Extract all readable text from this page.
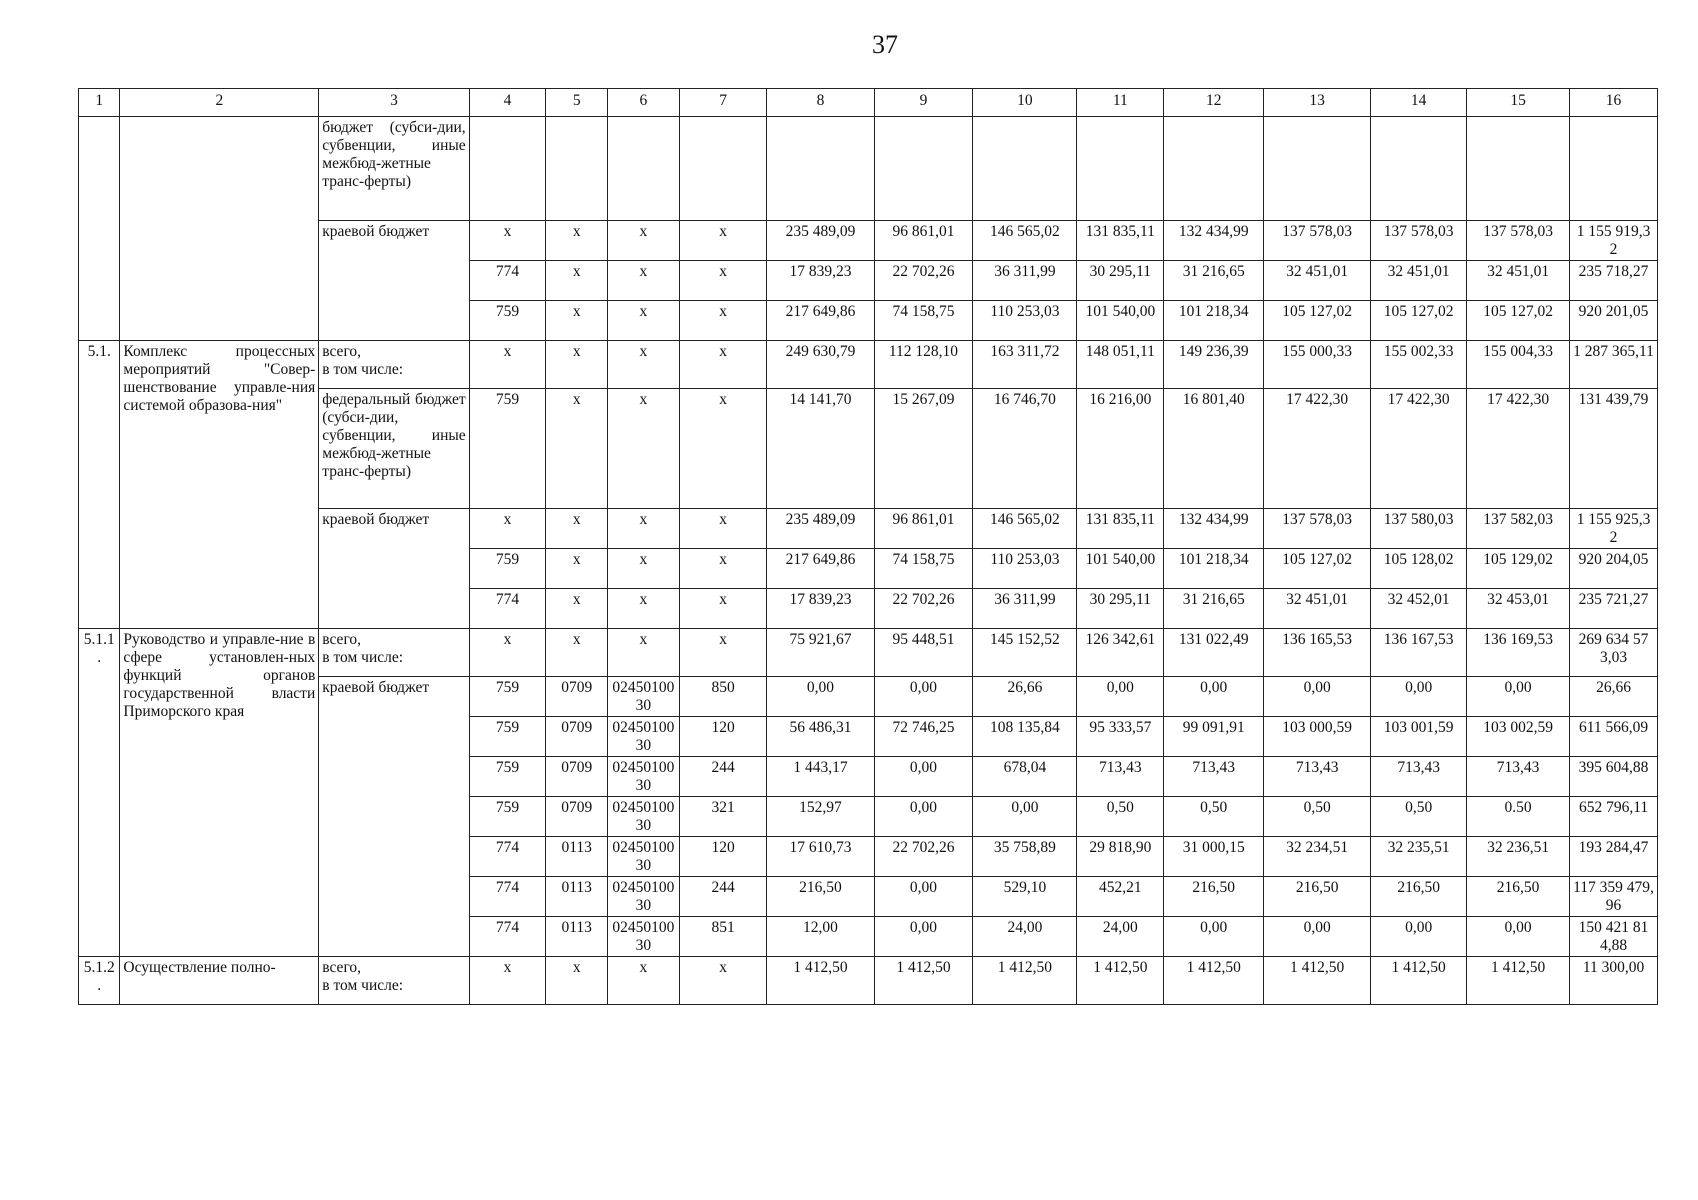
37
1	2	3	4	5	6	7	8	9	10	11	12	13	14	15	16
		бюджет (субси-дии, субвенции, иные межбюд-жетные транс-ферты)													
		краевой бюджет	х	х	х	х	235 489,09	96 861,01	146 565,02	131 835,11	132 434,99	137 578,03	137 578,03	137 578,03	1 155 919,32
			774	х	х	х	17 839,23	22 702,26	36 311,99	30 295,11	31 216,65	32 451,01	32 451,01	32 451,01	235 718,27
			759	х	х	х	217 649,86	74 158,75	110 253,03	101 540,00	101 218,34	105 127,02	105 127,02	105 127,02	920 201,05
5.1.	Комплекс процессных мероприятий "Совер-шенствование управле-ния системой образова-ния"	всего,
в том числе:	х	х	х	х	249 630,79	112 128,10	163 311,72	148 051,11	149 236,39	155 000,33	155 002,33	155 004,33	1 287 365,11
		федеральный бюджет (субси-дии, субвенции, иные межбюд-жетные транс-ферты)	759	х	х	х	14 141,70	15 267,09	16 746,70	16 216,00	16 801,40	17 422,30	17 422,30	17 422,30	131 439,79
		краевой бюджет	х	х	х	х	235 489,09	96 861,01	146 565,02	131 835,11	132 434,99	137 578,03	137 580,03	137 582,03	1 155 925,32
			759	х	х	х	217 649,86	74 158,75	110 253,03	101 540,00	101 218,34	105 127,02	105 128,02	105 129,02	920 204,05
			774	х	х	х	17 839,23	22 702,26	36 311,99	30 295,11	31 216,65	32 451,01	32 452,01	32 453,01	235 721,27
5.1.1.	Руководство и управле-ние в сфере установлен-ных функций органов государственной власти Приморского края	всего,
в том числе:	х	х	х	х	75 921,67	95 448,51	145 152,52	126 342,61	131 022,49	136 165,53	136 167,53	136 169,53	269 634 573,03
		краевой бюджет	759	0709	0245010030	850	0,00	0,00	26,66	0,00	0,00	0,00	0,00	0,00	26,66
			759	0709	0245010030	120	56 486,31	72 746,25	108 135,84	95 333,57	99 091,91	103 000,59	103 001,59	103 002,59	611 566,09
			759	0709	0245010030	244	1 443,17	0,00	678,04	713,43	713,43	713,43	713,43	713,43	395 604,88
			759	0709	0245010030	321	152,97	0,00	0,00	0,50	0,50	0,50	0,50	0.50	652 796,11
			774	0113	0245010030	120	17 610,73	22 702,26	35 758,89	29 818,90	31 000,15	32 234,51	32 235,51	32 236,51	193 284,47
			774	0113	0245010030	244	216,50	0,00	529,10	452,21	216,50	216,50	216,50	216,50	117 359 479,96
			774	0113	0245010030	851	12,00	0,00	24,00	24,00	0,00	0,00	0,00	0,00	150 421 814,88
5.1.2.	Осуществление полно-	всего,
в том числе:	х	х	х	х	1 412,50	1 412,50	1 412,50	1 412,50	1 412,50	1 412,50	1 412,50	1 412,50	11 300,00
